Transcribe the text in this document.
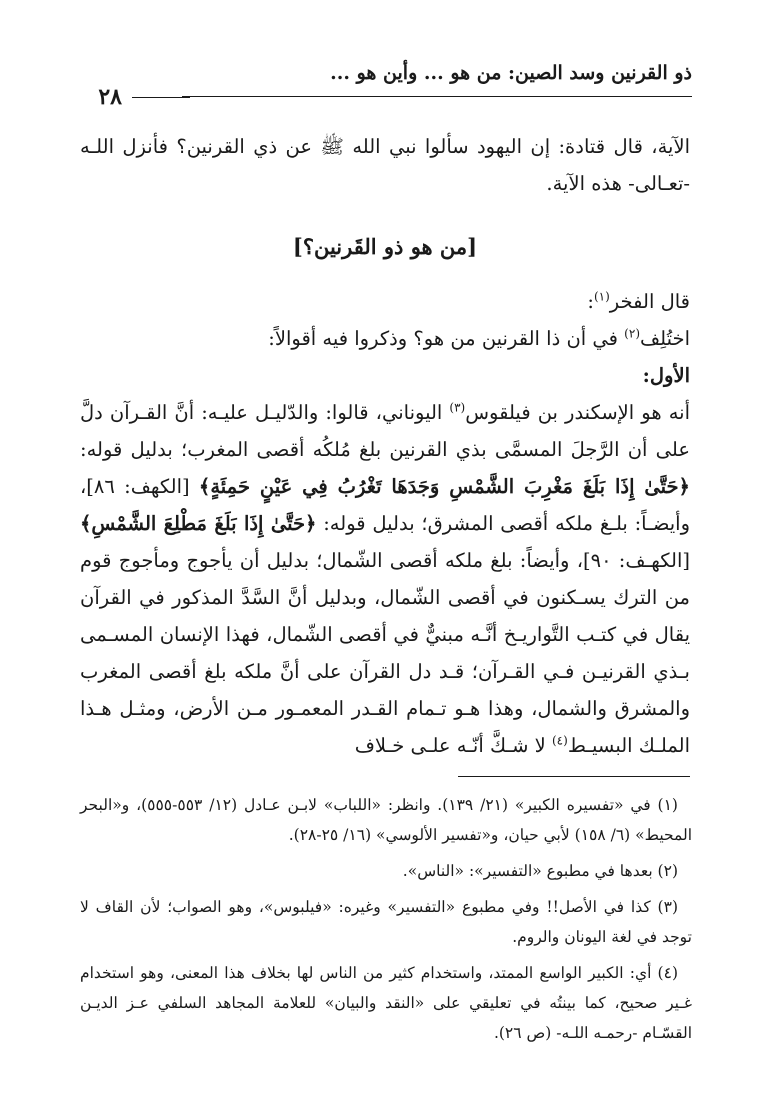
ذو القرنين وسد الصين: من هو ... وأين هو ...
٢٨

الآية، قال قتادة: إن اليهود سألوا نبي الله ﷺ عن ذي القرنين؟ فأنزل اللـه -تعـالى- هذه الآية.

[من هو ذو القَرنين؟]

قال الفخر$^{(١)}$:

اختُلِف$^{(٢)}$ في أن ذا القرنين من هو؟ وذكروا فيه أقوالاً:

الأول:

أنه هو الإسكندر بن فيلقوس$^{(٣)}$ اليوناني، قالوا: والدّليـل عليـه: أنَّ القـرآن دلَّ على أن الرَّجلَ المسمَّى بذي القرنين بلغ مُلكُه أقصى المغرب؛ بدليل قوله: ﴿حَتَّىٰ إِذَا بَلَغَ مَغْرِبَ الشَّمْسِ وَجَدَهَا تَغْرُبُ فِي عَيْنٍ حَمِئَةٍ﴾ [الكهف: ٨٦]، وأيضـاً: بلـغ ملكه أقصى المشرق؛ بدليل قوله: ﴿حَتَّىٰ إِذَا بَلَغَ مَطْلِعَ الشَّمْسِ﴾ [الكهـف: ٩٠]، وأيضاً: بلغ ملكه أقصى الشّمال؛ بدليل أن يأجوج ومأجوج قوم من الترك يسـكنون في أقصى الشّمال، وبدليل أنَّ السَّدَّ المذكور في القرآن يقال في كتـب التَّواريـخ أنَّـه مبنيٌّ في أقصى الشّمال، فهذا الإنسان المسـمى بـذي القرنيـن فـي القـرآن؛ قـد دل القرآن على أنَّ ملكه بلغ أقصى المغرب والمشرق والشمال، وهذا هـو تـمام القـدر المعمـور مـن الأرض، ومثـل هـذا الملـك البسيـط$^{(٤)}$ لا شـكَّ أنّـه علـى خـلاف

(١) في «تفسيره الكبير» (٢١/ ١٣٩). وانظر: «اللباب» لابـن عـادل (١٢/ ٥٥٣-٥٥٥)، و«البحر المحيط» (٦/ ١٥٨) لأبي حيان، و«تفسير الألوسي» (١٦/ ٢٥-٢٨).

(٢) بعدها في مطبوع «التفسير»: «الناس».

(٣) كذا في الأصل!! وفي مطبوع «التفسير» وغيره: «فيلبوس»، وهو الصواب؛ لأن القاف لا توجد في لغة اليونان والروم.

(٤) أي: الكبير الواسع الممتد، واستخدام كثير من الناس لها بخلاف هذا المعنى، وهو استخدام غـير صحيح، كما بينتُه في تعليقي على «النقد والبيان» للعلامة المجاهد السلفي عـز الديـن القسّـام -رحمـه اللـه- (ص ٢٦).
